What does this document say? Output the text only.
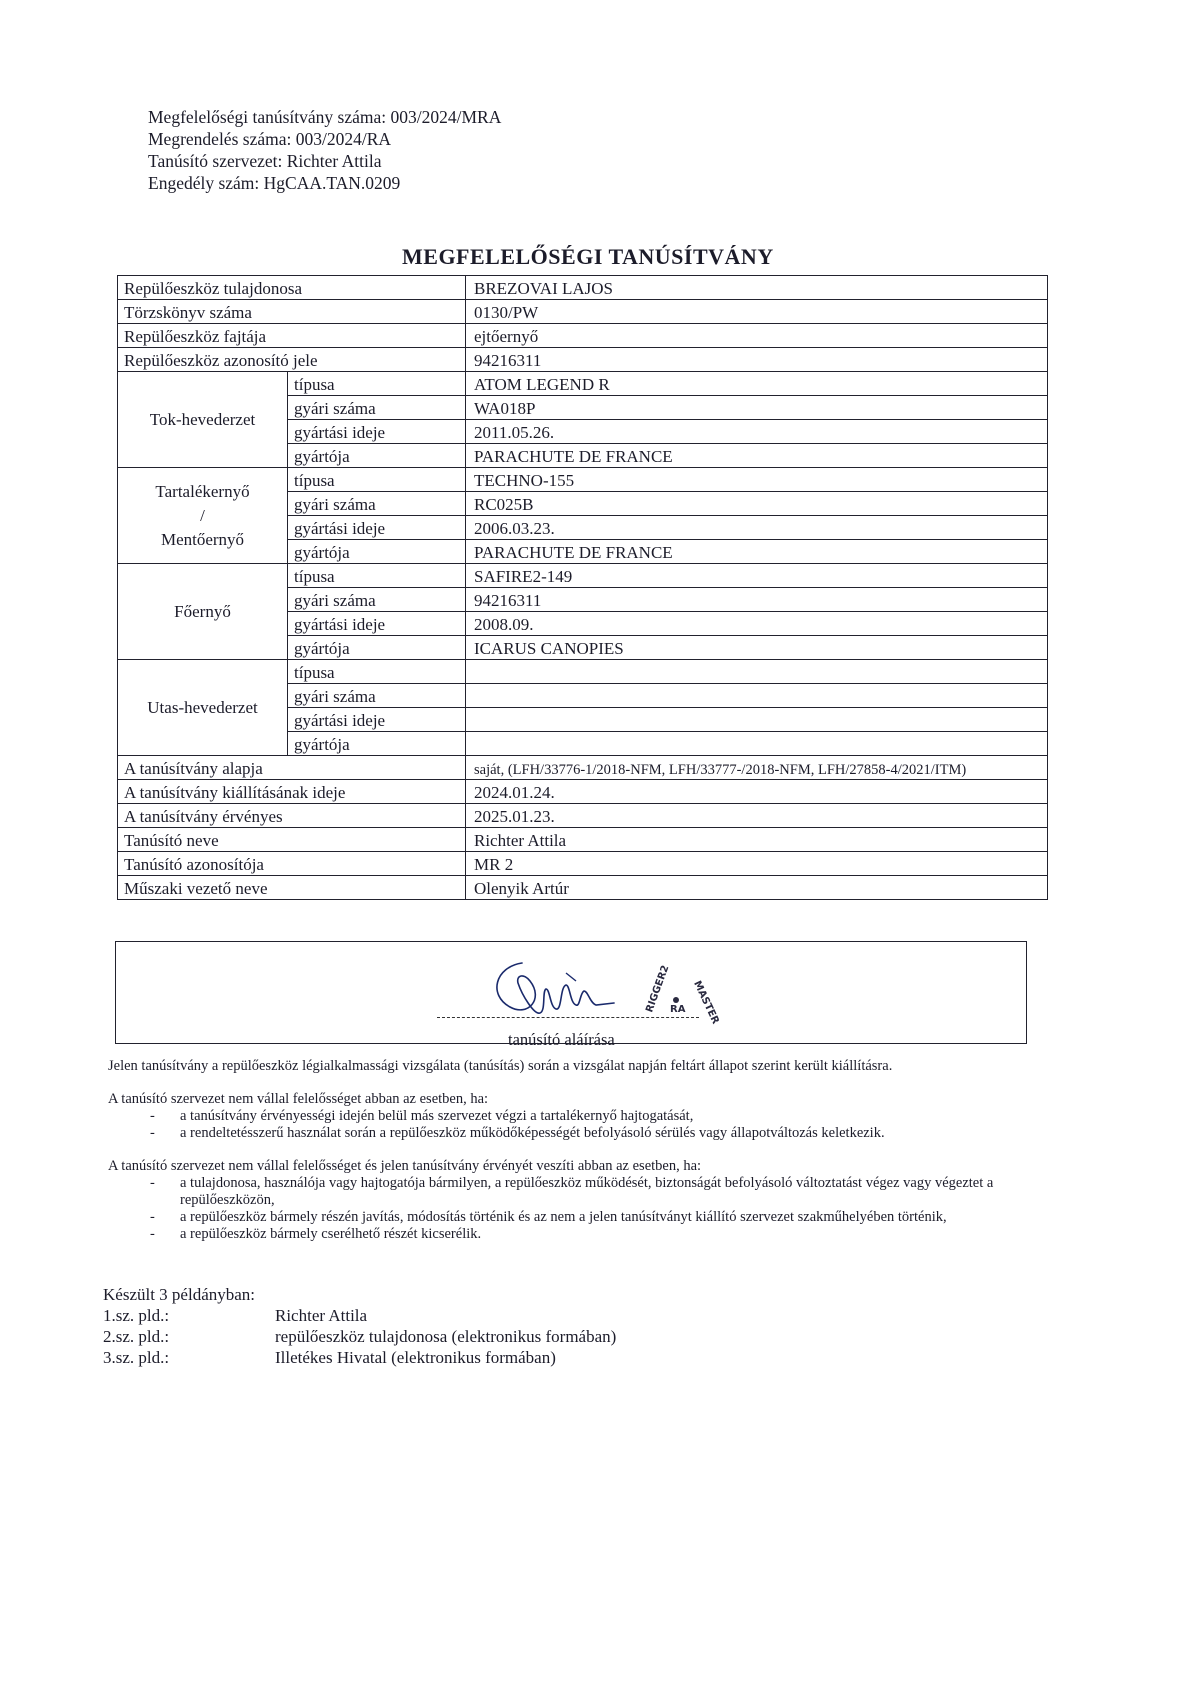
Megfelelőségi tanúsítvány száma: 003/2024/MRA
Megrendelés száma: 003/2024/RA
Tanúsító szervezet: Richter Attila
Engedély szám: HgCAA.TAN.0209
MEGFELELŐSÉGI TANÚSÍTVÁNY
Repülőeszköz tulajdonosa		BREZOVAI LAJOS
Törzskönyv száma		0130/PW
Repülőeszköz fajtája		ejtőernyő
Repülőeszköz azonosító jele		94216311
Tok-hevederzet	típusa	ATOM LEGEND R
	gyári száma	WA018P
	gyártási ideje	2011.05.26.
	gyártója	PARACHUTE DE FRANCE

Tartalékernyő
/
Mentőernyő	típusa	TECHNO-155
	gyári száma	RC025B
	gyártási ideje	2006.03.23.
	gyártója	PARACHUTE DE FRANCE
Főernyő	típusa	SAFIRE2-149
	gyári száma	94216311
	gyártási ideje	2008.09.
	gyártója	ICARUS CANOPIES
Utas-hevederzet	típusa	
	gyári száma	
	gyártási ideje	
	gyártója	
A tanúsítvány alapja		saját, (LFH/33776-1/2018-NFM, LFH/33777-/2018-NFM, LFH/27858-4/2021/ITM)
A tanúsítvány kiállításának ideje		2024.01.24.
A tanúsítvány érvényes		2025.01.23.
Tanúsító neve		Richter Attila
Tanúsító azonosítója		MR 2
Műszaki vezető neve		Olenyik Artúr
RIGGER2
RA MASTER
tanúsító aláírása

Jelen tanúsítvány a repülőeszköz légialkalmassági vizsgálata (tanúsítás) során a vizsgálat napján feltárt állapot szerint került kiállításra.

A tanúsító szervezet nem vállal felelősséget abban az esetben, ha:

- a tanúsítvány érvényességi idején belül más szervezet végzi a tartalékernyő hajtogatását,

- a rendeltetésszerű használat során a repülőeszköz működőképességét befolyásoló sérülés vagy állapotváltozás keletkezik.

A tanúsító szervezet nem vállal felelősséget és jelen tanúsítvány érvényét veszíti abban az esetben, ha:

- a tulajdonosa, használója vagy hajtogatója bármilyen, a repülőeszköz működését, biztonságát befolyásoló változtatást végez vagy végeztet a repülőeszközön,

- a repülőeszköz bármely részén javítás, módosítás történik és az nem a jelen tanúsítványt kiállító szervezet szakműhelyében történik,

- a repülőeszköz bármely cserélhető részét kicserélik.

Készült 3 példányban:
1.sz. pld.:	Richter Attila
2.sz. pld.:	repülőeszköz tulajdonosa (elektronikus formában)
3.sz. pld.:	Illetékes Hivatal (elektronikus formában)
